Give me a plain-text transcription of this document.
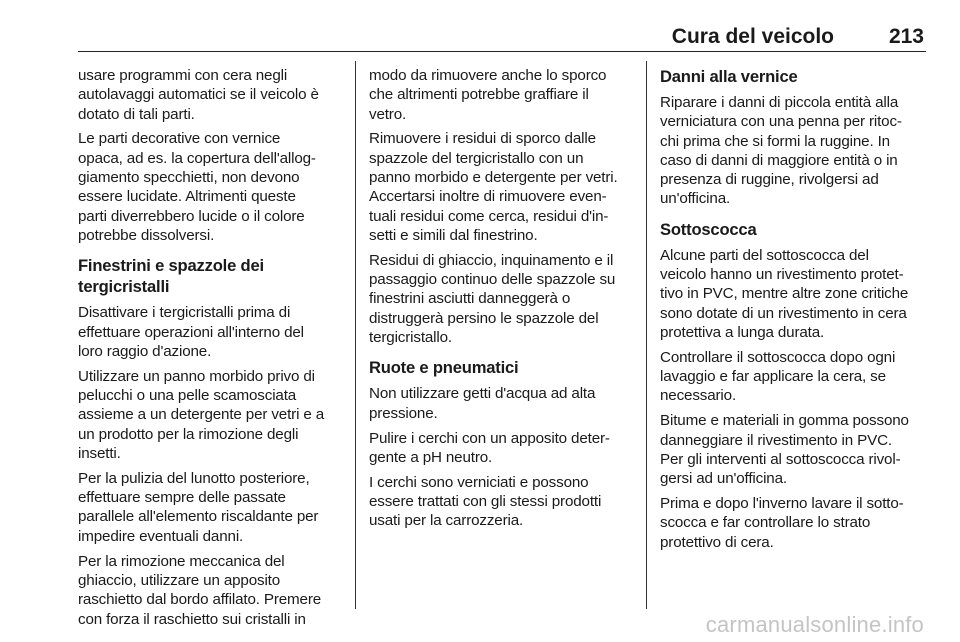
Cura del veicolo	213
usare programmi con cera negli
autolavaggi automatici se il veicolo è
dotato di tali parti.
Le parti decorative con vernice
opaca, ad es. la copertura dell'allog-
giamento specchietti, non devono
essere lucidate. Altrimenti queste
parti diverrebbero lucide o il colore
potrebbe dissolversi.
Finestrini e spazzole dei
tergicristalli
Disattivare i tergicristalli prima di
effettuare operazioni all'interno del
loro raggio d'azione.
Utilizzare un panno morbido privo di
pelucchi o una pelle scamosciata
assieme a un detergente per vetri e a
un prodotto per la rimozione degli
insetti.
Per la pulizia del lunotto posteriore,
effettuare sempre delle passate
parallele all'elemento riscaldante per
impedire eventuali danni.
Per la rimozione meccanica del
ghiaccio, utilizzare un apposito
raschietto dal bordo affilato. Premere
con forza il raschietto sui cristalli in
modo da rimuovere anche lo sporco
che altrimenti potrebbe graffiare il
vetro.
Rimuovere i residui di sporco dalle
spazzole del tergicristallo con un
panno morbido e detergente per vetri.
Accertarsi inoltre di rimuovere even-
tuali residui come cerca, residui d'in-
setti e simili dal finestrino.
Residui di ghiaccio, inquinamento e il
passaggio continuo delle spazzole su
finestrini asciutti danneggerà o
distruggerà persino le spazzole del
tergicristallo.
Ruote e pneumatici
Non utilizzare getti d'acqua ad alta
pressione.
Pulire i cerchi con un apposito deter-
gente a pH neutro.
I cerchi sono verniciati e possono
essere trattati con gli stessi prodotti
usati per la carrozzeria.
Danni alla vernice
Riparare i danni di piccola entità alla
verniciatura con una penna per ritoc-
chi prima che si formi la ruggine. In
caso di danni di maggiore entità o in
presenza di ruggine, rivolgersi ad
un'officina.
Sottoscocca
Alcune parti del sottoscocca del
veicolo hanno un rivestimento protet-
tivo in PVC, mentre altre zone critiche
sono dotate di un rivestimento in cera
protettiva a lunga durata.
Controllare il sottoscocca dopo ogni
lavaggio e far applicare la cera, se
necessario.
Bitume e materiali in gomma possono
danneggiare il rivestimento in PVC.
Per gli interventi al sottoscocca rivol-
gersi ad un'officina.
Prima e dopo l'inverno lavare il sotto-
scocca e far controllare lo strato
protettivo di cera.
carmanualsonline.info
